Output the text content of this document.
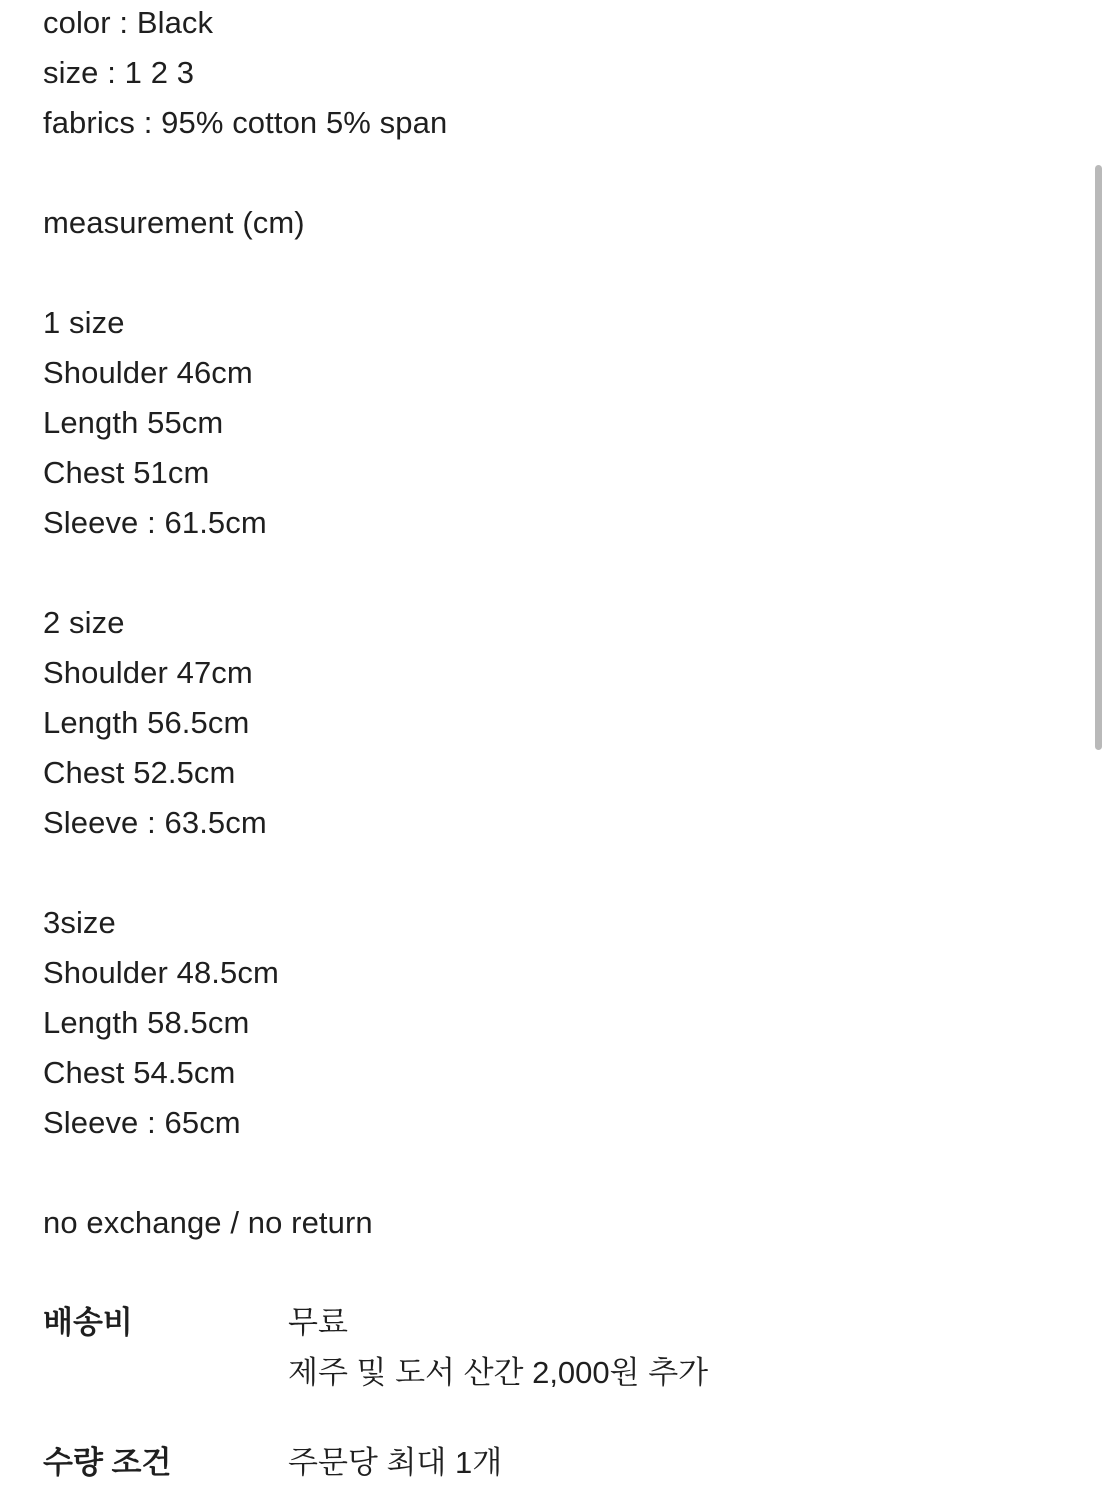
color : Black
size : 1 2 3
fabrics : 95% cotton 5% span
measurement (cm)
1 size
Shoulder 46cm
Length 55cm
Chest 51cm
Sleeve : 61.5cm
2 size
Shoulder 47cm
Length 56.5cm
Chest 52.5cm
Sleeve : 63.5cm
3size
Shoulder 48.5cm
Length 58.5cm
Chest 54.5cm
Sleeve : 65cm
no exchange / no return
배송비	무료
제주 및 도서 산간 2,000원 추가
수량 조건	주문당 최대 1개
